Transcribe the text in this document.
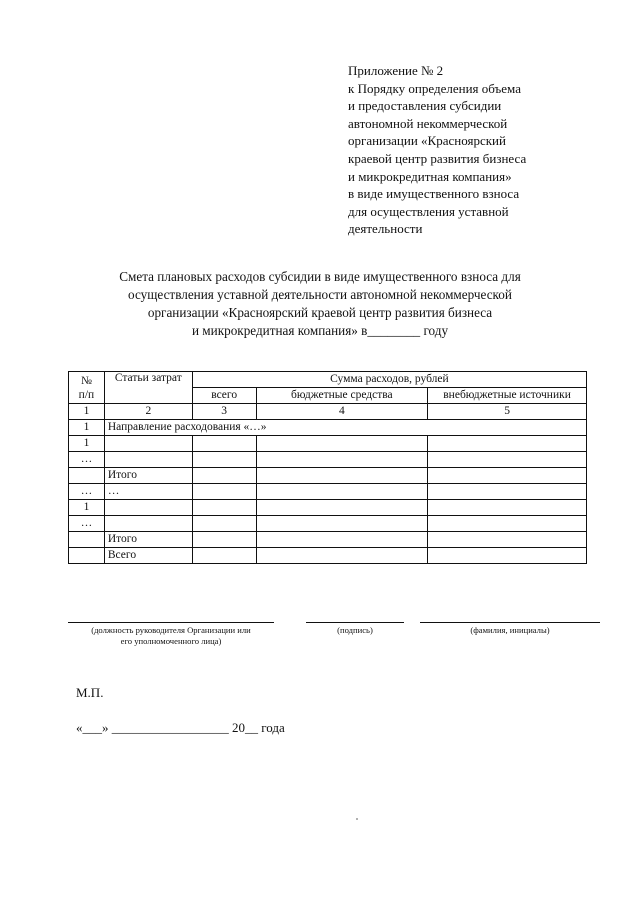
Приложение № 2
к Порядку определения объема
и предоставления субсидии
автономной некоммерческой
организации «Красноярский
краевой центр развития бизнеса
и микрокредитная компания»
в виде имущественного взноса
для осуществления уставной
деятельности
Смета плановых расходов субсидии в виде имущественного взноса для
осуществления уставной деятельности автономной некоммерческой
организации «Красноярский краевой центр развития бизнеса
и микрокредитная компания» в________ году
№
п/п	Статьи затрат	Сумма расходов, рублей		
		всего	бюджетные средства	внебюджетные источники
1	2	3	4	5
1	Направление расходования «…»			
1				
…				
	Итого			
…	…			
1				
…				
	Итого			
	Всего			
(должность руководителя Организации или
его уполномоченного лица)
(подпись)	(фамилия, инициалы)
М.П.
«___» __________________ 20__ года
